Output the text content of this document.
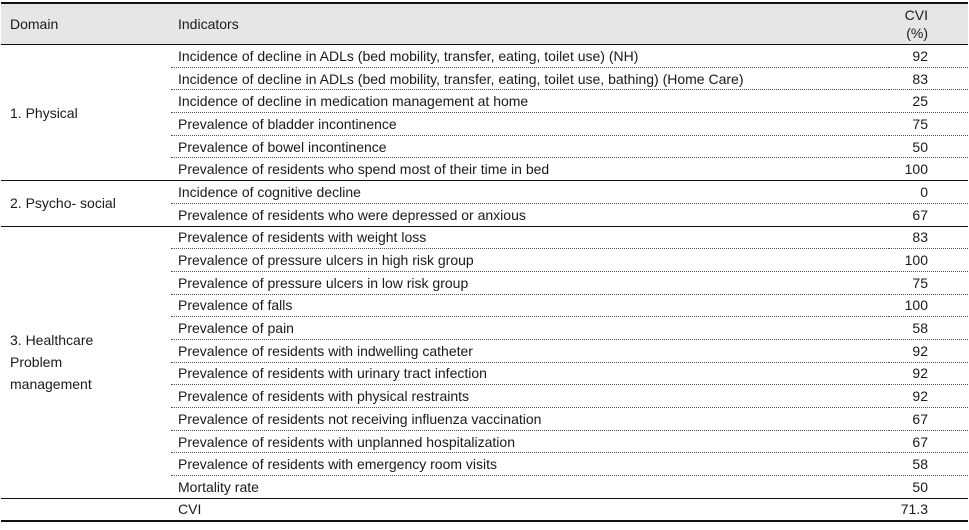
Domain	Indicators	CVI
(%)

1. Physical	Incidence of decline in ADLs (bed mobility, transfer, eating, toilet use) (NH)	92
	Incidence of decline in ADLs (bed mobility, transfer, eating, toilet use, bathing) (Home Care)	83
	Incidence of decline in medication management at home	25
	Prevalence of bladder incontinence	75
	Prevalence of bowel incontinence	50
	Prevalence of residents who spend most of their time in bed	100
2. Psycho- social	Incidence of cognitive decline	0
	Prevalence of residents who were depressed or anxious	67

3. Healthcare
Problem
management	Prevalence of residents with weight loss	83
	Prevalence of pressure ulcers in high risk group	100
	Prevalence of pressure ulcers in low risk group	75
	Prevalence of falls	100
	Prevalence of pain	58
	Prevalence of residents with indwelling catheter	92
	Prevalence of residents with urinary tract infection	92
	Prevalence of residents with physical restraints	92
	Prevalence of residents not receiving influenza vaccination	67
	Prevalence of residents with unplanned hospitalization	67
	Prevalence of residents with emergency room visits	58
	Mortality rate	50
	CVI	71.3
